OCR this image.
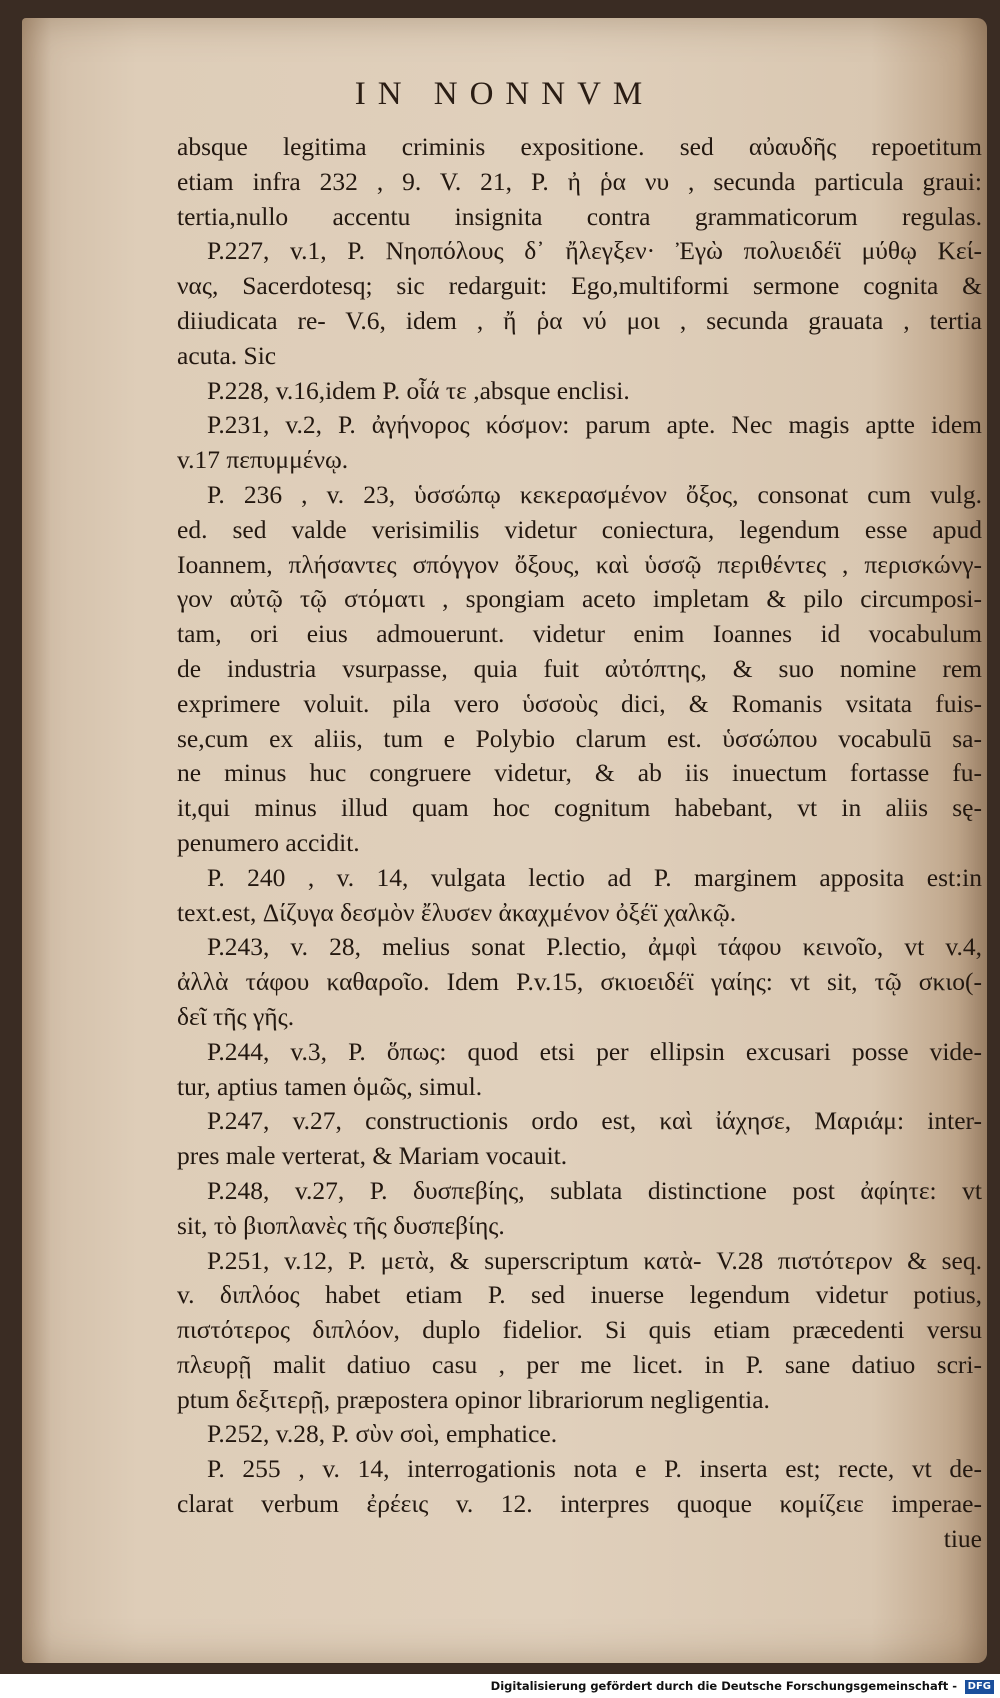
IN NONNVM
absque legitima criminis expositione. sed αὐαυδῆς repoetitum
etiam infra 232 , 9. V. 21, P. ἠ ῥα νυ , secunda particula graui:
tertia,nullo accentu insignita contra grammaticorum regulas.
P.227, v.1, P. Νηοπόλους δ᾽ ἤλεγξεν· Ἐγὼ πολυειδέϊ μύθῳ Κεί-
νας, Sacerdotesq; sic redarguit: Ego,multiformi sermone cognita &
diiudicata re- V.6, idem , ἤ ῥα νύ μοι , secunda grauata , tertia
acuta. Sic
P.228, v.16,idem P. οἷά τε ,absque enclisi.
P.231, v.2, P. ἀγήνορος κόσμον: parum apte. Nec magis aptte idem
v.17 πεπυμμένῳ.
P. 236 , v. 23, ὑσσώπῳ κεκερασμένον ὄξος, consonat cum vulg.
ed. sed valde verisimilis videtur coniectura, legendum esse apud
Ioannem, πλήσαντες σπόγγον ὄξους, καὶ ὑσσῷ περιθέντες , περισκώνγ-
γον αὐτῷ τῷ στόματι , spongiam aceto impletam & pilo circumposi-
tam, ori eius admouerunt. videtur enim Ioannes id vocabulum
de industria vsurpasse, quia fuit αὐτόπτης, & suo nomine rem
exprimere voluit. pila vero ὑσσοὺς dici, & Romanis vsitata fuis-
se,cum ex aliis, tum e Polybio clarum est. ὑσσώπου vocabulū sa-
ne minus huc congruere videtur, & ab iis inuectum fortasse fu-
it,qui minus illud quam hoc cognitum habebant, vt in aliis sę-
penumero accidit.
P. 240 , v. 14, vulgata lectio ad P. marginem apposita est:in
text.est, Δίζυγα δεσμὸν ἔλυσεν ἀκαχμένον ὀξέϊ χαλκῷ.
P.243, v. 28, melius sonat P.lectio, ἀμφὶ τάφου κεινοῖο, vt v.4,
ἀλλὰ τάφου καθαροῖο. Idem P.v.15, σκιοειδέϊ γαίης: vt sit, τῷ σκιο(-
δεῖ τῆς γῆς.
P.244, v.3, P. ὅπως: quod etsi per ellipsin excusari posse vide-
tur, aptius tamen ὁμῶς, simul.
P.247, v.27, constructionis ordo est, καὶ ἰάχησε, Μαριάμ: inter-
pres male verterat, & Mariam vocauit.
P.248, v.27, P. δυσπεβίης, sublata distinctione post ἀφίητε: vt
sit, τὸ βιοπλανὲς τῆς δυσπεβίης.
P.251, v.12, P. μετὰ, & superscriptum κατὰ- V.28 πιστότερον & seq.
v. διπλόος habet etiam P. sed inuerse legendum videtur potius,
πιστότερος διπλόον, duplo fidelior. Si quis etiam præcedenti versu
πλευρῇ malit datiuo casu , per me licet. in P. sane datiuo scri-
ptum δεξιτερῇ, præpostera opinor librariorum negligentia.
P.252, v.28, P. σὺν σοὶ, emphatice.
P. 255 , v. 14, interrogationis nota e P. inserta est; recte, vt de-
clarat verbum ἐρέεις v. 12. interpres quoque κομίζειε imperae-
tiue
Digitalisierung gefördert durch die Deutsche Forschungsgemeinschaft - DFG
